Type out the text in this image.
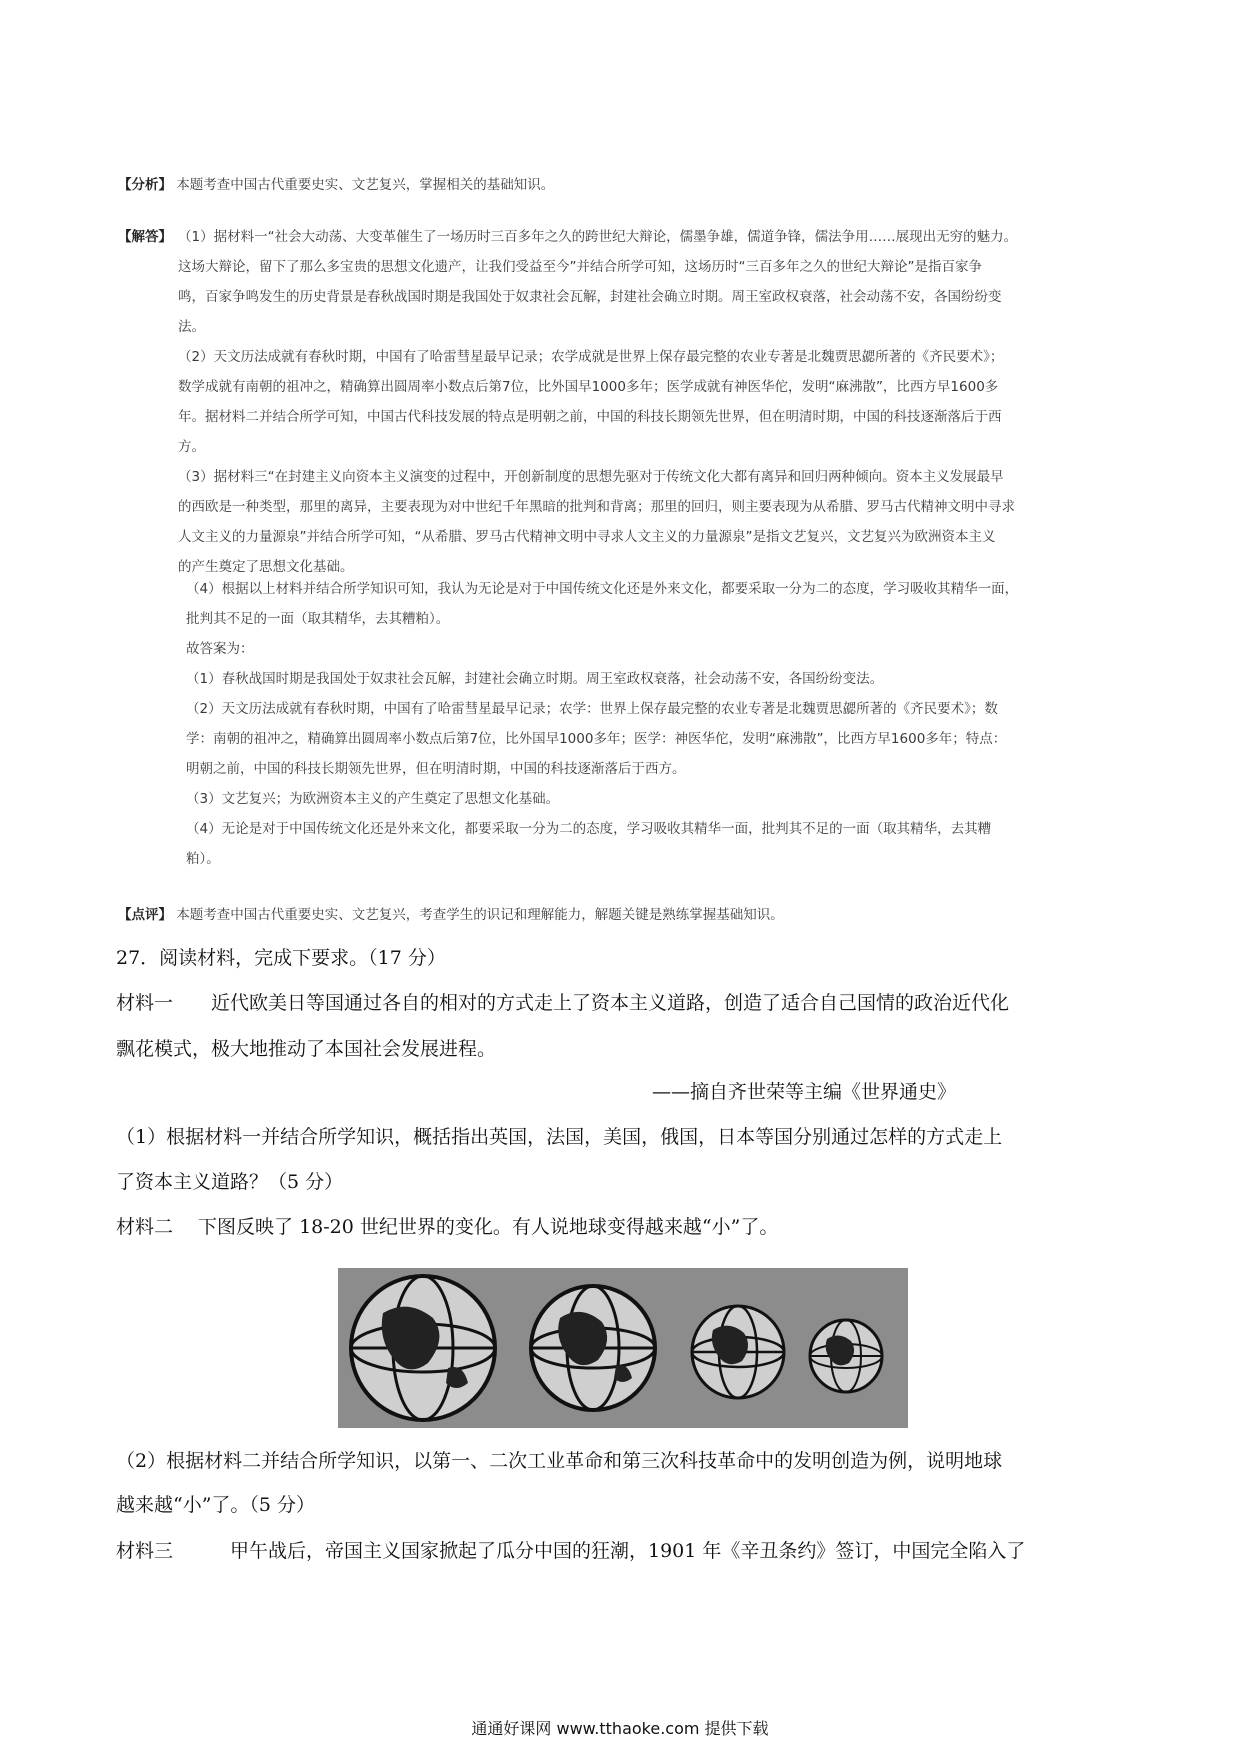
【分析】 本题考查中国古代重要史实、文艺复兴，掌握相关的基础知识。
【解答】 （1）据材料一“社会大动荡、大变革催生了一场历时三百多年之久的跨世纪大辩论，儒墨争雄，儒道争锋，儒法争用……展现出无穷的魅力。

这场大辩论，留下了那么多宝贵的思想文化遗产，让我们受益至今”并结合所学可知，这场历时“三百多年之久的世纪大辩论”是指百家争

鸣，百家争鸣发生的历史背景是春秋战国时期是我国处于奴隶社会瓦解，封建社会确立时期。周王室政权衰落，社会动荡不安，各国纷纷变

法。

（2）天文历法成就有春秋时期，中国有了哈雷彗星最早记录；农学成就是世界上保存最完整的农业专著是北魏贾思勰所著的《齐民要术》；

数学成就有南朝的祖冲之，精确算出圆周率小数点后第7位，比外国早1000多年；医学成就有神医华佗，发明“麻沸散”，比西方早1600多

年。据材料二并结合所学可知，中国古代科技发展的特点是明朝之前，中国的科技长期领先世界，但在明清时期，中国的科技逐渐落后于西

方。

（3）据材料三“在封建主义向资本主义演变的过程中，开创新制度的思想先驱对于传统文化大都有离异和回归两种倾向。资本主义发展最早

的西欧是一种类型，那里的离异，主要表现为对中世纪千年黑暗的批判和背离；那里的回归，则主要表现为从希腊、罗马古代精神文明中寻求

人文主义的力量源泉”并结合所学可知，“从希腊、罗马古代精神文明中寻求人文主义的力量源泉”是指文艺复兴，文艺复兴为欧洲资本主义

的产生奠定了思想文化基础。

（4）根据以上材料并结合所学知识可知，我认为无论是对于中国传统文化还是外来文化，都要采取一分为二的态度，学习吸收其精华一面，

批判其不足的一面（取其精华，去其糟粕）。

故答案为：

（1）春秋战国时期是我国处于奴隶社会瓦解，封建社会确立时期。周王室政权衰落，社会动荡不安，各国纷纷变法。

（2）天文历法成就有春秋时期，中国有了哈雷彗星最早记录；农学：世界上保存最完整的农业专著是北魏贾思勰所著的《齐民要术》；数

学：南朝的祖冲之，精确算出圆周率小数点后第7位，比外国早1000多年；医学：神医华佗，发明“麻沸散”，比西方早1600多年；特点：

明朝之前，中国的科技长期领先世界，但在明清时期，中国的科技逐渐落后于西方。

（3）文艺复兴；为欧洲资本主义的产生奠定了思想文化基础。

（4）无论是对于中国传统文化还是外来文化，都要采取一分为二的态度，学习吸收其精华一面，批判其不足的一面（取其精华，去其糟

粕）。

【点评】 本题考查中国古代重要史实、文艺复兴，考查学生的识记和理解能力，解题关键是熟练掌握基础知识。
27．阅读材料，完成下要求。（17 分）
材料一　　近代欧美日等国通过各自的相对的方式走上了资本主义道路，创造了适合自己国情的政治近代化
飘花模式，极大地推动了本国社会发展进程。
——摘自齐世荣等主编《世界通史》
（1）根据材料一并结合所学知识，概括指出英国，法国，美国，俄国，日本等国分别通过怎样的方式走上
了资本主义道路？（5 分）
材料二　 下图反映了 18-20 世纪世界的变化。有人说地球变得越来越“小”了。
（2）根据材料二并结合所学知识，以第一、二次工业革命和第三次科技革命中的发明创造为例，说明地球
越来越“小”了。（5 分）
材料三　　　甲午战后，帝国主义国家掀起了瓜分中国的狂潮，1901 年《辛丑条约》签订，中国完全陷入了
通通好课网 www.tthaoke.com 提供下载
